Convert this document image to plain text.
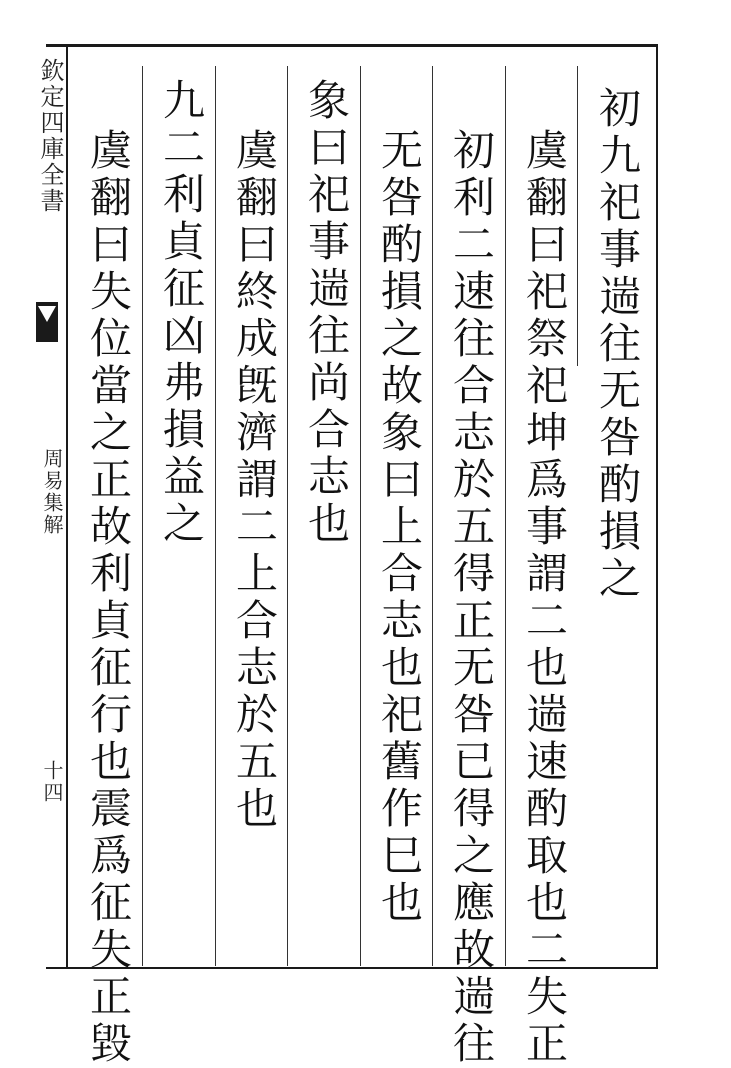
欽定四庫全書
周易集解
十四
初九祀事遄往无咎酌損之
虞翻曰祀祭祀坤爲事謂二也遄速酌取也二失正
初利二速往合志於五得正无咎已得之應故遄往
无咎酌損之故象曰上合志也祀舊作巳也
象曰祀事遄往尚合志也
虞翻曰終成旣濟謂二上合志於五也
九二利貞征凶弗損益之
虞翻曰失位當之正故利貞征行也震爲征失正毀
